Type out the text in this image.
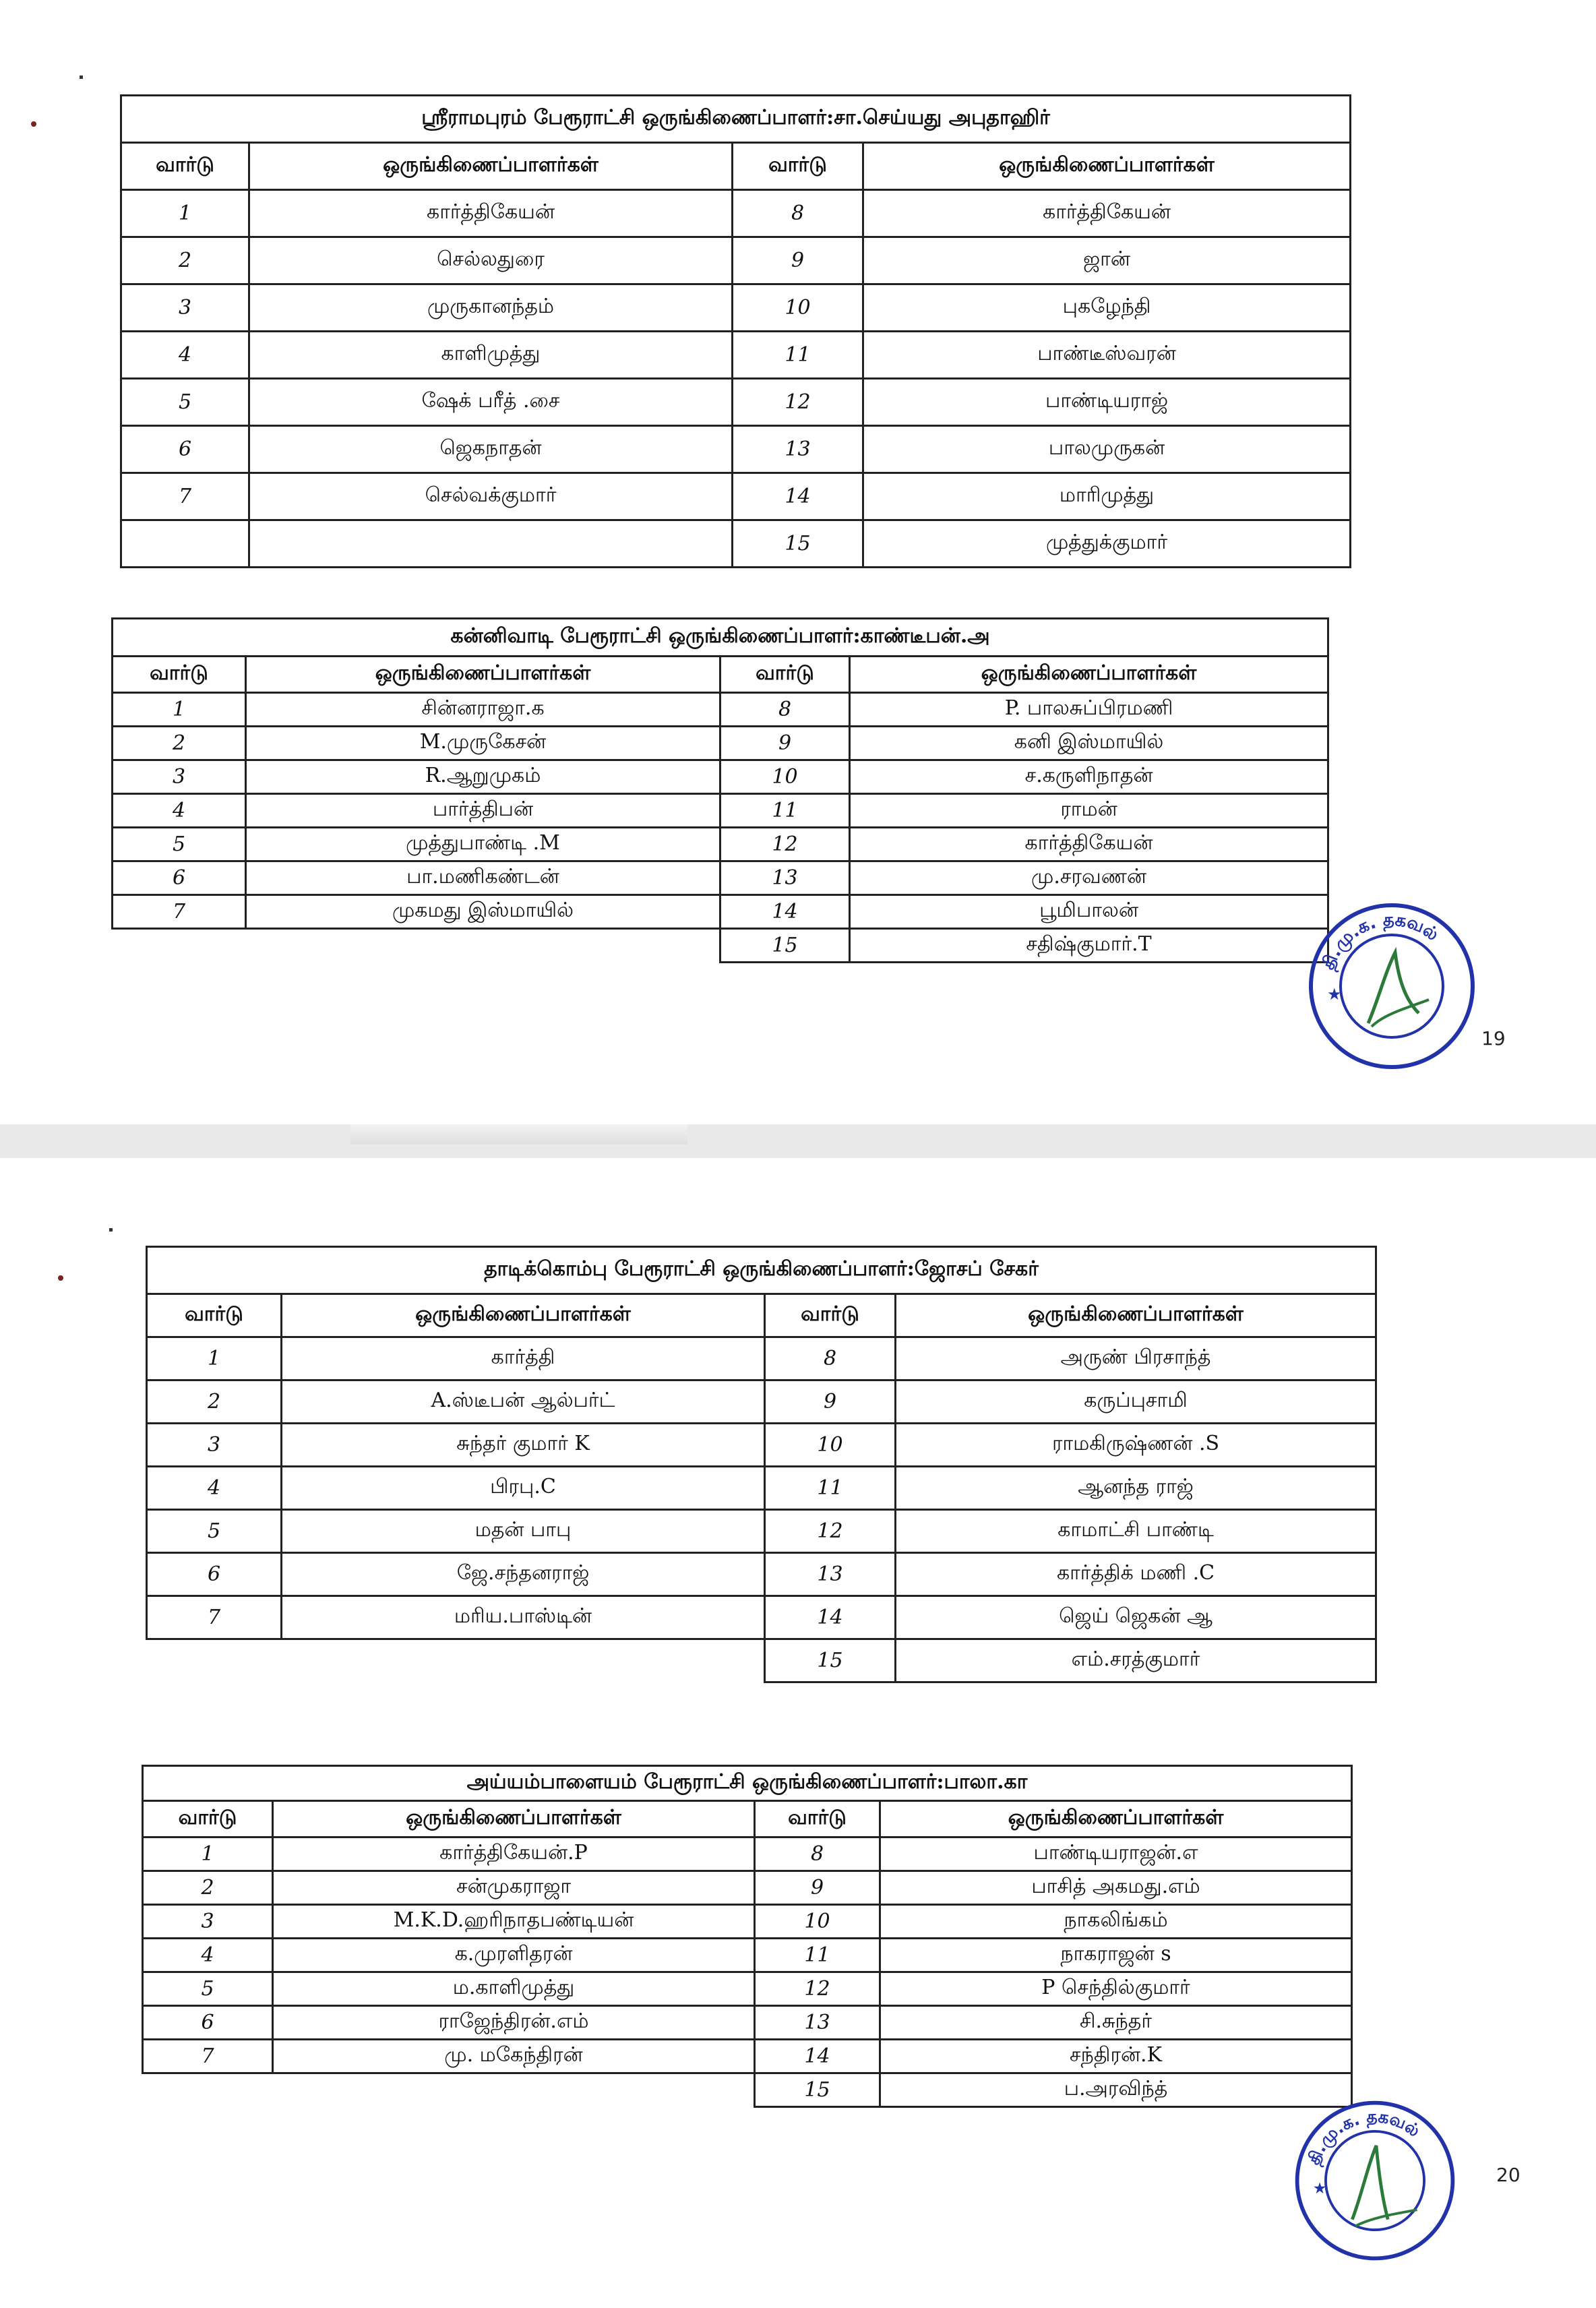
ஸ்ரீராமபுரம் பேரூராட்சி ஒருங்கிணைப்பாளர்:சா.செய்யது அபுதாஹிர்			
வார்டு	ஒருங்கிணைப்பாளர்கள்	வார்டு	ஒருங்கிணைப்பாளர்கள்
1	கார்த்திகேயன்	8	கார்த்திகேயன்
2	செல்லதுரை	9	ஜான்
3	முருகானந்தம்	10	புகழேந்தி
4	காளிமுத்து	11	பாண்டீஸ்வரன்
5	ஷேக் பரீத் .சை	12	பாண்டியராஜ்
6	ஜெகநாதன்	13	பாலமுருகன்
7	செல்வக்குமார்	14	மாரிமுத்து
		15	முத்துக்குமார்
கன்னிவாடி பேரூராட்சி ஒருங்கிணைப்பாளர்:காண்டீபன்.அ			
வார்டு	ஒருங்கிணைப்பாளர்கள்	வார்டு	ஒருங்கிணைப்பாளர்கள்
1	சின்னராஜா.க	8	P. பாலசுப்பிரமணி
2	M.முருகேசன்	9	கனி இஸ்மாயில்
3	R.ஆறுமுகம்	10	ச.கருளிநாதன்
4	பார்த்திபன்	11	ராமன்
5	முத்துபாண்டி .M	12	கார்த்திகேயன்
6	பா.மணிகண்டன்	13	மு.சரவணன்
7	முகமது இஸ்மாயில்	14	பூமிபாலன்
		15	சதிஷ்குமார்.T
தி.மு.க. தகவல்
★
19
தாடிக்கொம்பு பேரூராட்சி ஒருங்கிணைப்பாளர்:ஜோசப் சேகர்			
வார்டு	ஒருங்கிணைப்பாளர்கள்	வார்டு	ஒருங்கிணைப்பாளர்கள்
1	கார்த்தி	8	அருண் பிரசாந்த்
2	A.ஸ்டீபன் ஆல்பர்ட்	9	கருப்புசாமி
3	சுந்தர் குமார் K	10	ராமகிருஷ்ணன் .S
4	பிரபு.C	11	ஆனந்த ராஜ்
5	மதன் பாபு	12	காமாட்சி பாண்டி
6	ஜே.சந்தனராஜ்	13	கார்த்திக் மணி .C
7	மரிய.பாஸ்டின்	14	ஜெய் ஜெகன் ஆ
		15	எம்.சரத்குமார்
அய்யம்பாளையம் பேரூராட்சி ஒருங்கிணைப்பாளர்:பாலா.கா			
வார்டு	ஒருங்கிணைப்பாளர்கள்	வார்டு	ஒருங்கிணைப்பாளர்கள்
1	கார்த்திகேயன்.P	8	பாண்டியராஜன்.எ
2	சன்முகராஜா	9	பாசித் அகமது.எம்
3	M.K.D.ஹரிநாதபண்டியன்	10	நாகலிங்கம்
4	க.முரளிதரன்	11	நாகராஜன் s
5	ம.காளிமுத்து	12	P செந்தில்குமார்
6	ராஜேந்திரன்.எம்	13	சி.சுந்தர்
7	மு. மகேந்திரன்	14	சந்திரன்.K
		15	ப.அரவிந்த்
தி.மு.க. தகவல்
★
20
